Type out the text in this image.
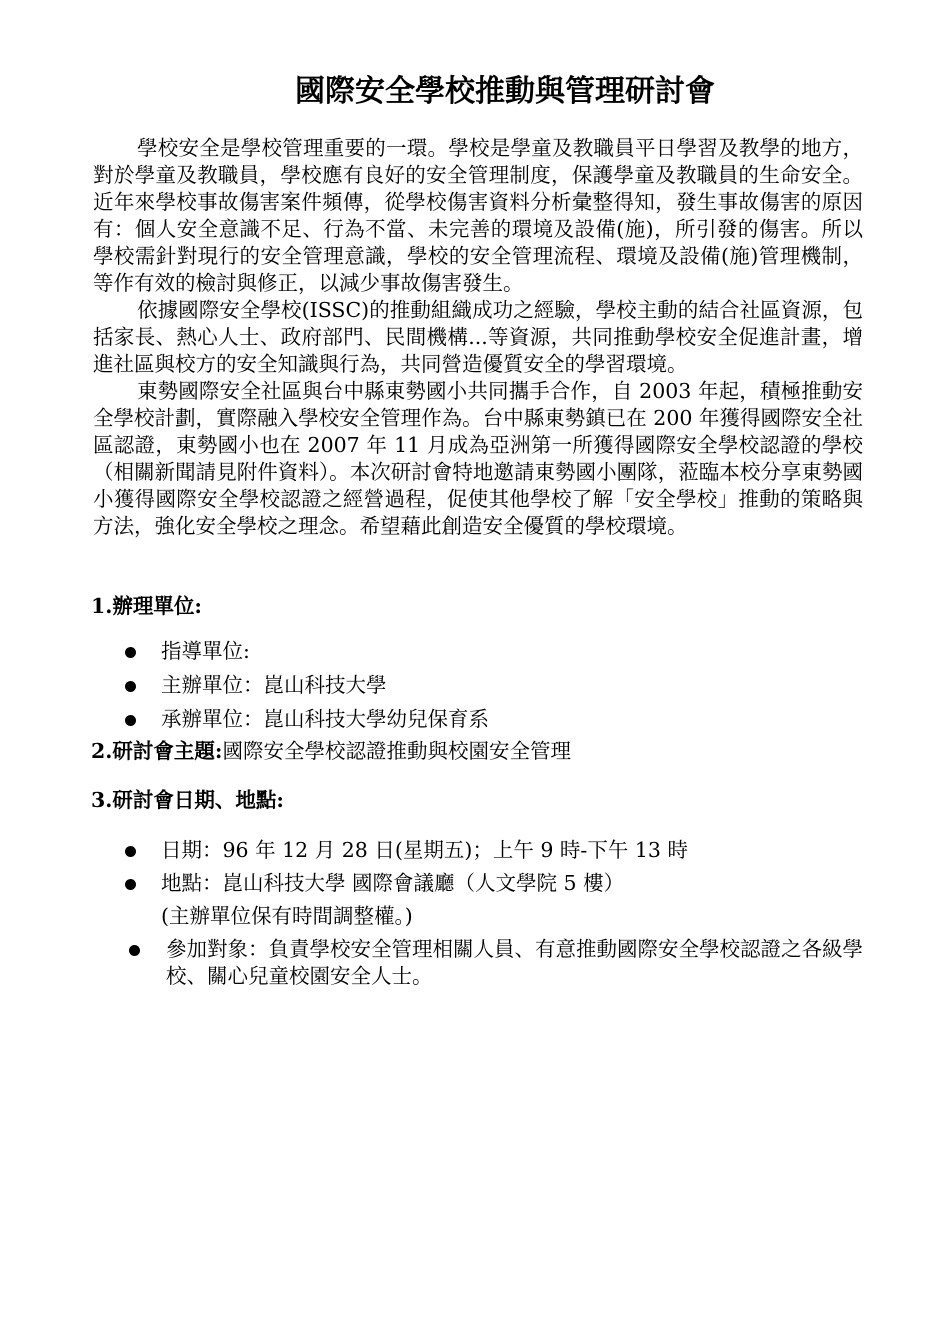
國際安全學校推動與管理研討會

學校安全是學校管理重要的一環。學校是學童及教職員平日學習及教學的地方，對於學童及教職員，學校應有良好的安全管理制度，保護學童及教職員的生命安全。近年來學校事故傷害案件頻傳，從學校傷害資料分析彙整得知，發生事故傷害的原因有：個人安全意識不足、行為不當、未完善的環境及設備(施)，所引發的傷害。所以學校需針對現行的安全管理意識，學校的安全管理流程、環境及設備(施)管理機制，等作有效的檢討與修正，以減少事故傷害發生。

依據國際安全學校(ISSC)的推動組織成功之經驗，學校主動的結合社區資源，包括家長、熱心人士、政府部門、民間機構...等資源，共同推動學校安全促進計畫，增進社區與校方的安全知識與行為，共同營造優質安全的學習環境。

東勢國際安全社區與台中縣東勢國小共同攜手合作，自 2003 年起，積極推動安全學校計劃，實際融入學校安全管理作為。台中縣東勢鎮已在 200 年獲得國際安全社區認證，東勢國小也在 2007 年 11 月成為亞洲第一所獲得國際安全學校認證的學校（相關新聞請見附件資料）。本次研討會特地邀請東勢國小團隊，蒞臨本校分享東勢國小獲得國際安全學校認證之經營過程，促使其他學校了解「安全學校」推動的策略與方法，強化安全學校之理念。希望藉此創造安全優質的學校環境。

1.辦理單位:

指導單位:
主辦單位：崑山科技大學
承辦單位：崑山科技大學幼兒保育系

2.研討會主題:國際安全學校認證推動與校園安全管理

3.研討會日期、地點:

日期：96 年 12 月 28 日(星期五)；上午 9 時-下午 13 時
地點：崑山科技大學 國際會議廳（人文學院 5 樓）

(主辦單位保有時間調整權。)

參加對象：負責學校安全管理相關人員、有意推動國際安全學校認證之各級學校、關心兒童校園安全人士。
